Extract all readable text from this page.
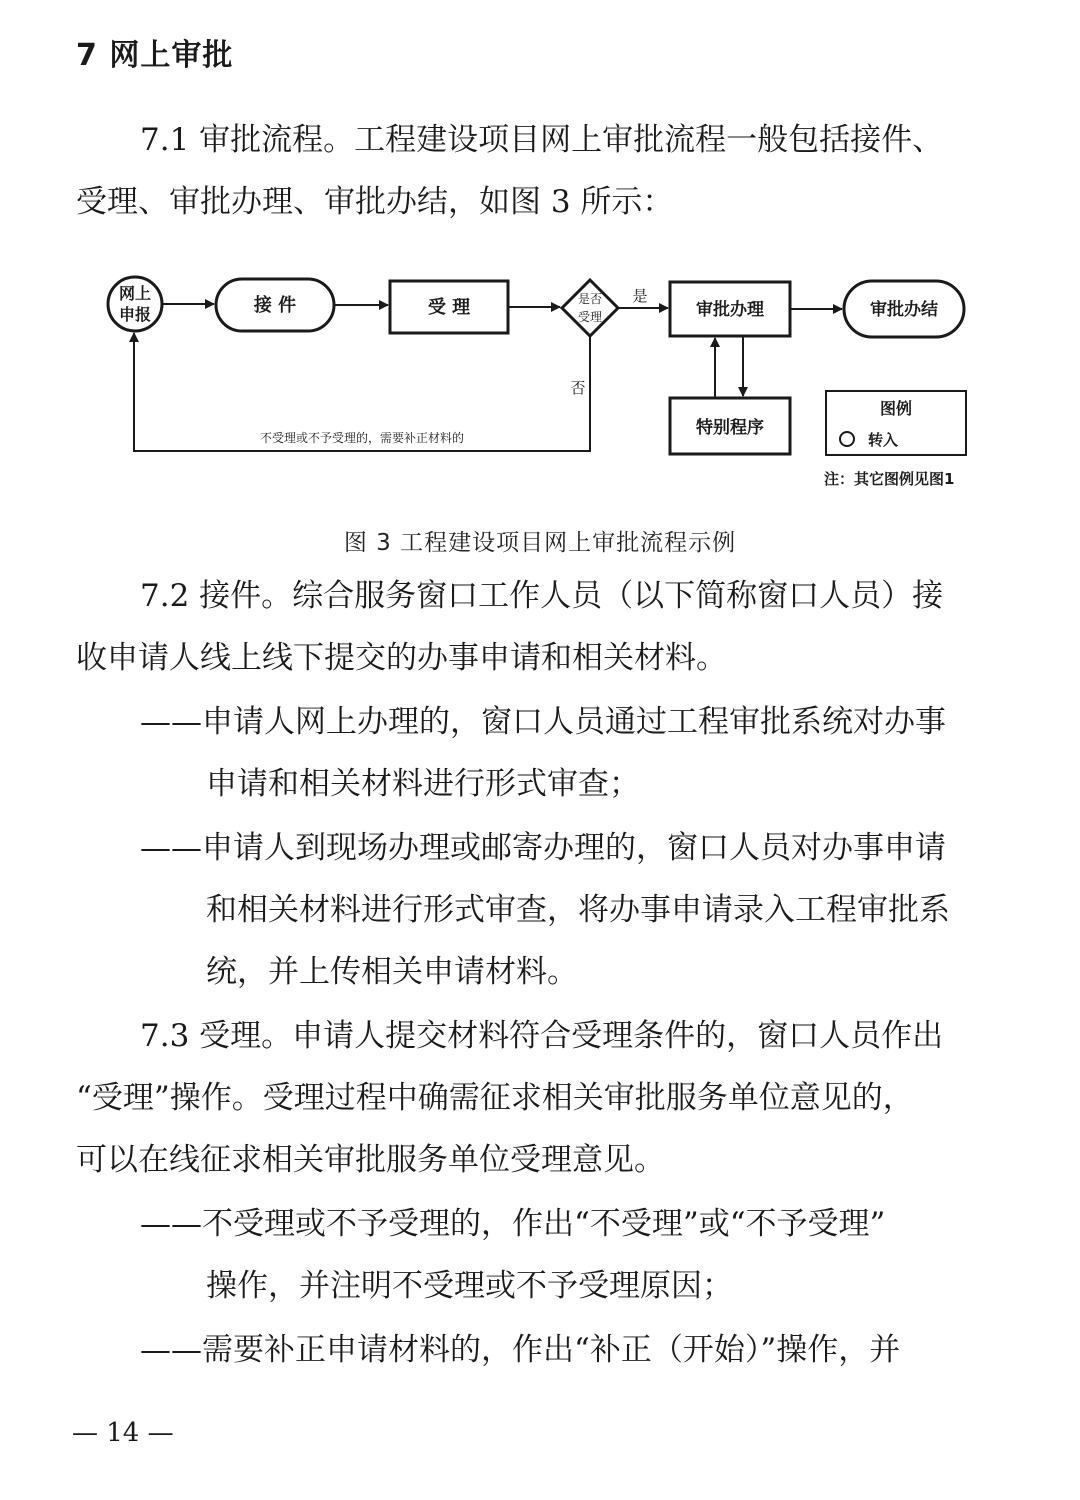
7 网上审批
7.1 审批流程。工程建设项目网上审批流程一般包括接件、
受理、审批办理、审批办结，如图 3 所示：
网上
申报	接 件	受 理	是否
受理
是
审批办理	审批办结
特别程序
否
不受理或不予受理的，需要补正材料的
图例
转入
注：其它图例见图1
图 3 工程建设项目网上审批流程示例
7.2 接件。综合服务窗口工作人员（以下简称窗口人员）接
收申请人线上线下提交的办事申请和相关材料。
——申请人网上办理的，窗口人员通过工程审批系统对办事
申请和相关材料进行形式审查；
——申请人到现场办理或邮寄办理的，窗口人员对办事申请
和相关材料进行形式审查，将办事申请录入工程审批系
统，并上传相关申请材料。
7.3 受理。申请人提交材料符合受理条件的，窗口人员作出
“受理”操作。受理过程中确需征求相关审批服务单位意见的，
可以在线征求相关审批服务单位受理意见。
——不受理或不予受理的，作出“不受理”或“不予受理”
操作，并注明不受理或不予受理原因；
——需要补正申请材料的，作出“补正（开始）”操作，并
— 14 —
